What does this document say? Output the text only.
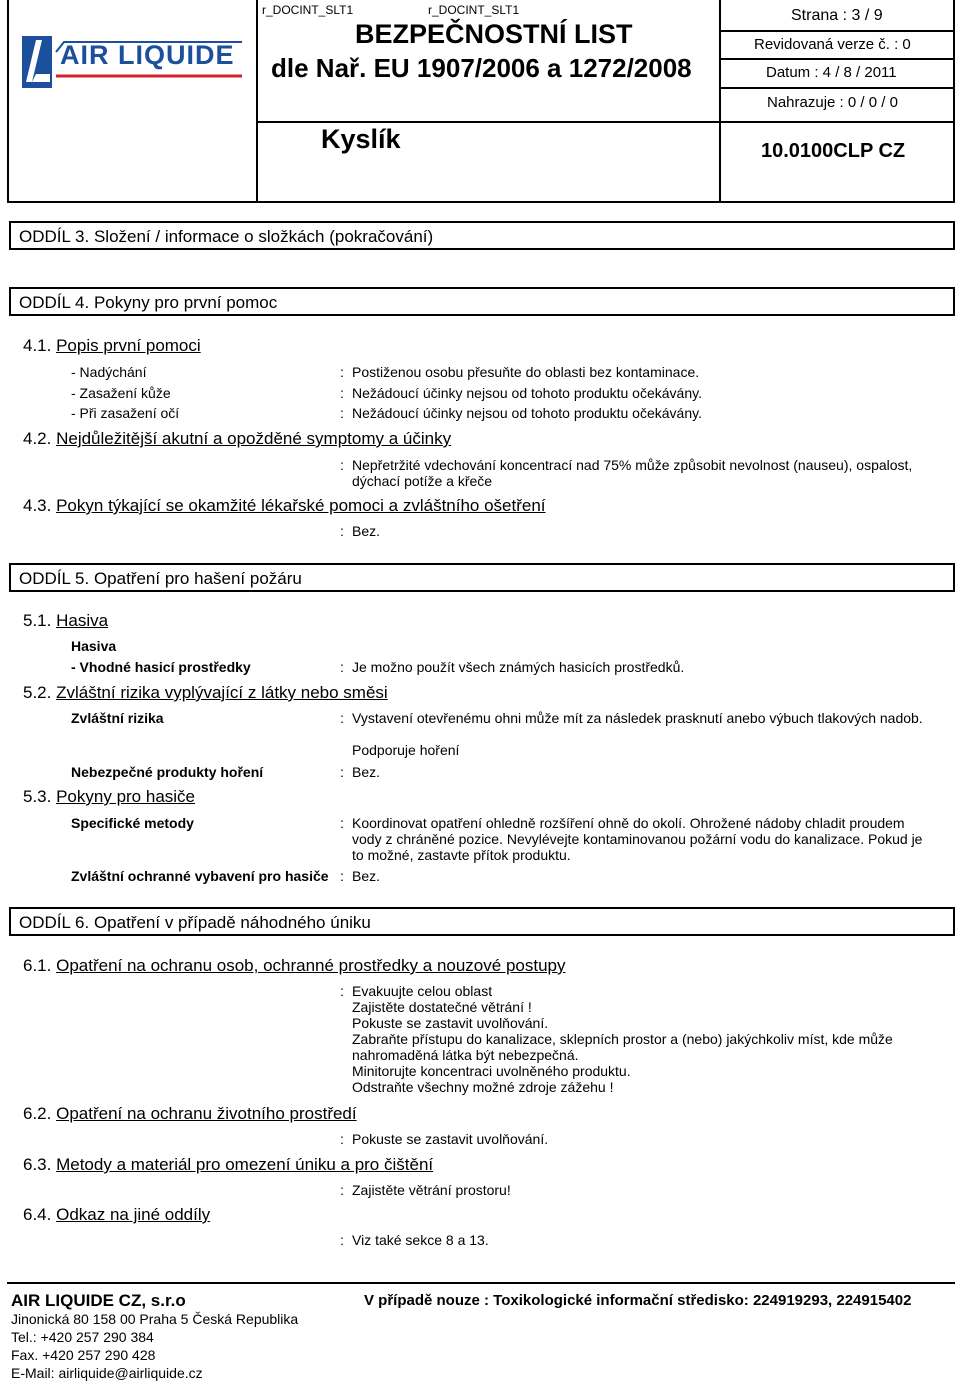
AIR LIQUIDE
r_DOCINT_SLT1	r_DOCINT_SLT1
BEZPEČNOSTNÍ LIST
dle Nař. EU 1907/2006 a 1272/2008
Kyslík
Strana : 3 / 9
Revidovaná verze č. : 0
Datum : 4 / 8 / 2011
Nahrazuje : 0 / 0 / 0
10.0100CLP CZ
ODDÍL 3. Složení / informace o složkách (pokračování)
ODDÍL 4. Pokyny pro první pomoc
4.1. Popis první pomoci
- Nadýchání	: Postiženou osobu přesuňte do oblasti bez kontaminace.
- Zasažení kůže	: Nežádoucí účinky nejsou od tohoto produktu očekávány.
- Při zasažení očí	: Nežádoucí účinky nejsou od tohoto produktu očekávány.
4.2. Nejdůležitější akutní a opožděné symptomy a účinky
: Nepřetržité vdechování koncentrací nad 75% může způsobit nevolnost (nauseu), ospalost, dýchací potíže a křeče
4.3. Pokyn týkající se okamžité lékařské pomoci a zvláštního ošetření
: Bez.
ODDÍL 5. Opatření pro hašení požáru
5.1. Hasiva
Hasiva
- Vhodné hasicí prostředky	: Je možno použít všech známých hasicích prostředků.
5.2. Zvláštní rizika vyplývající z látky nebo směsi
Zvláštní rizika	: Vystavení otevřenému ohni může mít za následek prasknutí anebo výbuch tlakových nadob.
Podporuje hoření
Nebezpečné produkty hoření	: Bez.
5.3. Pokyny pro hasiče
Specifické metody	: Koordinovat opatření ohledně rozšíření ohně do okolí. Ohrožené nádoby chladit proudem vody z chráněné pozice. Nevylévejte kontaminovanou požární vodu do kanalizace. Pokud je to možné, zastavte přítok produktu.
Zvláštní ochranné vybavení pro hasiče : Bez.
ODDÍL 6. Opatření v případě náhodného úniku
6.1. Opatření na ochranu osob, ochranné prostředky a nouzové postupy
: Evakuujte celou oblast
Zajistěte dostatečné větrání !
Pokuste se zastavit uvolňování.
Zabraňte přístupu do kanalizace, sklepních prostor a (nebo) jakýchkoliv míst, kde může nahromaděná látka být nebezpečná.
Minitorujte koncentraci uvolněného produktu.
Odstraňte všechny možné zdroje zážehu !
6.2. Opatření na ochranu životního prostředí
: Pokuste se zastavit uvolňování.
6.3. Metody a materiál pro omezení úniku a pro čištění
: Zajistěte větrání prostoru!
6.4. Odkaz na jiné oddíly
: Viz také sekce 8 a 13.
AIR LIQUIDE CZ, s.r.o	V případě nouze : Toxikologické informační středisko: 224919293, 224915402
Jinonická 80 158 00 Praha 5 Česká Republika
Tel.: +420 257 290 384
Fax. +420 257 290 428
E-Mail: airliquide@airliquide.cz
